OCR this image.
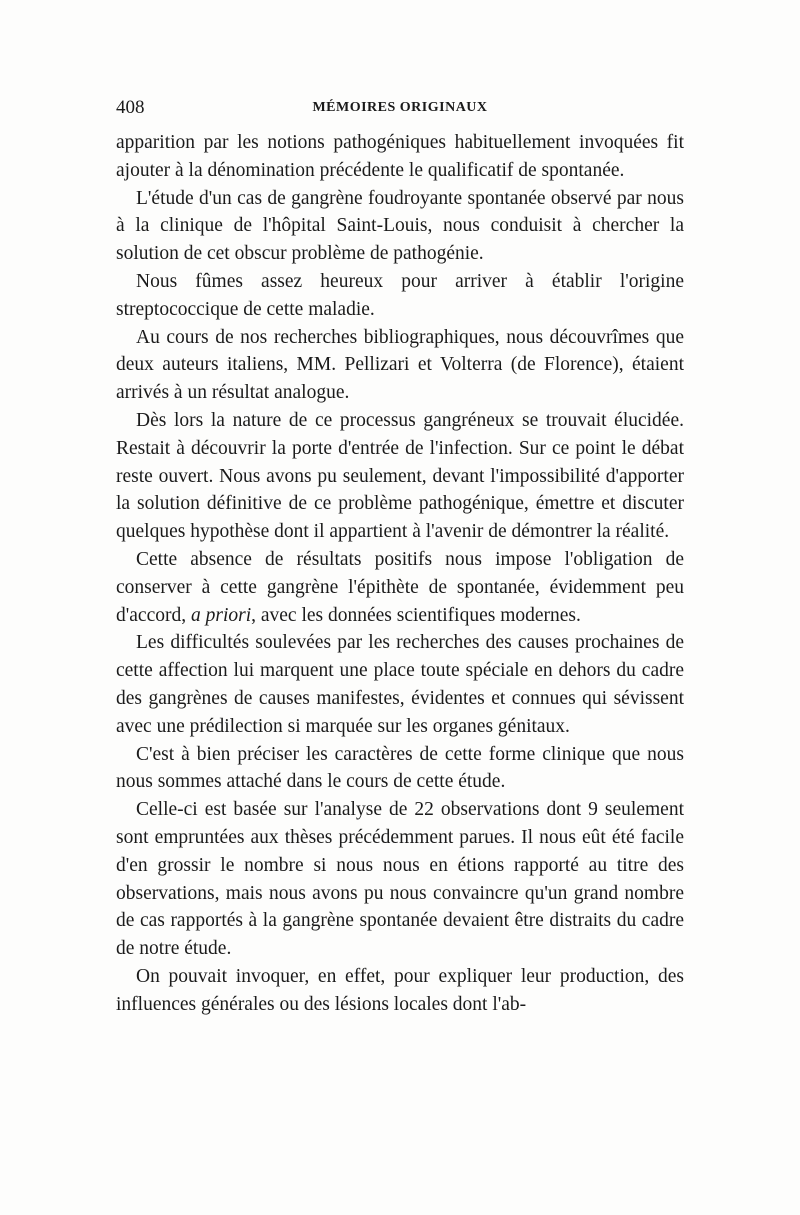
408	MÉMOIRES ORIGINAUX

apparition par les notions pathogéniques habituellement invoquées fit ajouter à la dénomination précédente le qualificatif de spontanée.

L'étude d'un cas de gangrène foudroyante spontanée observé par nous à la clinique de l'hôpital Saint-Louis, nous conduisit à chercher la solution de cet obscur problème de pathogénie.

Nous fûmes assez heureux pour arriver à établir l'origine streptococcique de cette maladie.

Au cours de nos recherches bibliographiques, nous découvrîmes que deux auteurs italiens, MM. Pellizari et Volterra (de Florence), étaient arrivés à un résultat analogue.

Dès lors la nature de ce processus gangréneux se trouvait élucidée. Restait à découvrir la porte d'entrée de l'infection. Sur ce point le débat reste ouvert. Nous avons pu seulement, devant l'impossibilité d'apporter la solution définitive de ce problème pathogénique, émettre et discuter quelques hypothèse dont il appartient à l'avenir de démontrer la réalité.

Cette absence de résultats positifs nous impose l'obligation de conserver à cette gangrène l'épithète de spontanée, évidemment peu d'accord, a priori, avec les données scientifiques modernes.

Les difficultés soulevées par les recherches des causes prochaines de cette affection lui marquent une place toute spéciale en dehors du cadre des gangrènes de causes manifestes, évidentes et connues qui sévissent avec une prédilection si marquée sur les organes génitaux.

C'est à bien préciser les caractères de cette forme clinique que nous nous sommes attaché dans le cours de cette étude.

Celle-ci est basée sur l'analyse de 22 observations dont 9 seulement sont empruntées aux thèses précédemment parues. Il nous eût été facile d'en grossir le nombre si nous nous en étions rapporté au titre des observations, mais nous avons pu nous convaincre qu'un grand nombre de cas rapportés à la gangrène spontanée devaient être distraits du cadre de notre étude.

On pouvait invoquer, en effet, pour expliquer leur production, des influences générales ou des lésions locales dont l'ab-
